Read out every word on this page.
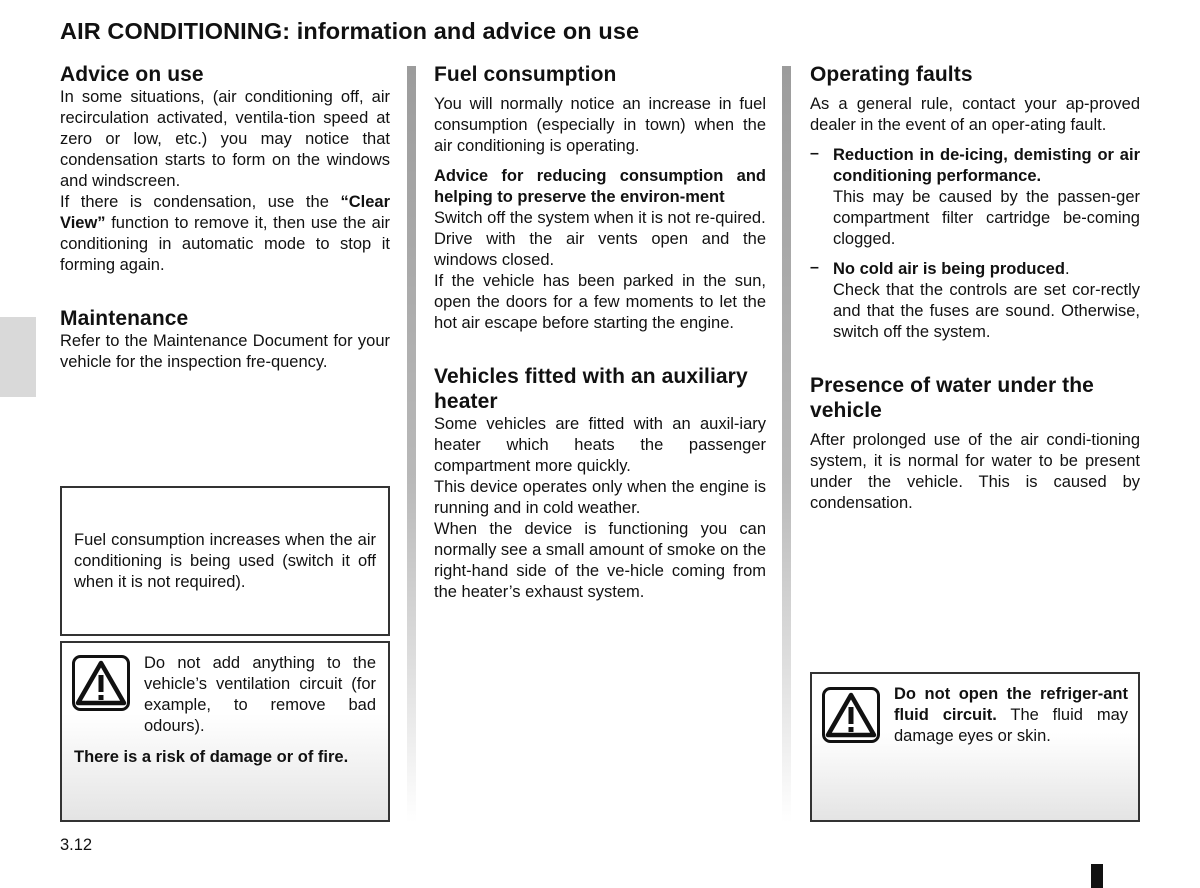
AIR CONDITIONING: information and advice on use
Advice on use

In some situations, (air conditioning off, air recirculation activated, ventila-tion speed at zero or low, etc.) you may notice that condensation starts to form on the windows and windscreen.

If there is condensation, use the “Clear View” function to remove it, then use the air conditioning in automatic mode to stop it forming again.

Maintenance

Refer to the Maintenance Document for your vehicle for the inspection fre-quency.

Fuel consumption increases when the air conditioning is being used (switch it off when it is not required).

Do not add anything to the vehicle’s ventilation circuit (for example, to remove bad odours).

There is a risk of damage or of fire.

Fuel consumption

You will normally notice an increase in fuel consumption (especially in town) when the air conditioning is operating.

Advice for reducing consumption and helping to preserve the environ-ment

Switch off the system when it is not re-quired.

Drive with the air vents open and the windows closed.

If the vehicle has been parked in the sun, open the doors for a few moments to let the hot air escape before starting the engine.

Vehicles fitted with an auxiliary heater

Some vehicles are fitted with an auxil-iary heater which heats the passenger compartment more quickly.

This device operates only when the engine is running and in cold weather.

When the device is functioning you can normally see a small amount of smoke on the right-hand side of the ve-hicle coming from the heater’s exhaust system.

Operating faults

As a general rule, contact your ap-proved dealer in the event of an oper-ating fault.

– Reduction in de-icing, demisting or air conditioning performance.

This may be caused by the passen-ger compartment filter cartridge be-coming clogged.

– No cold air is being produced.

Check that the controls are set cor-rectly and that the fuses are sound. Otherwise, switch off the system.

Presence of water under the vehicle

After prolonged use of the air condi-tioning system, it is normal for water to be present under the vehicle. This is caused by condensation.

Do not open the refriger-ant fluid circuit. The fluid may damage eyes or skin.

3.12
